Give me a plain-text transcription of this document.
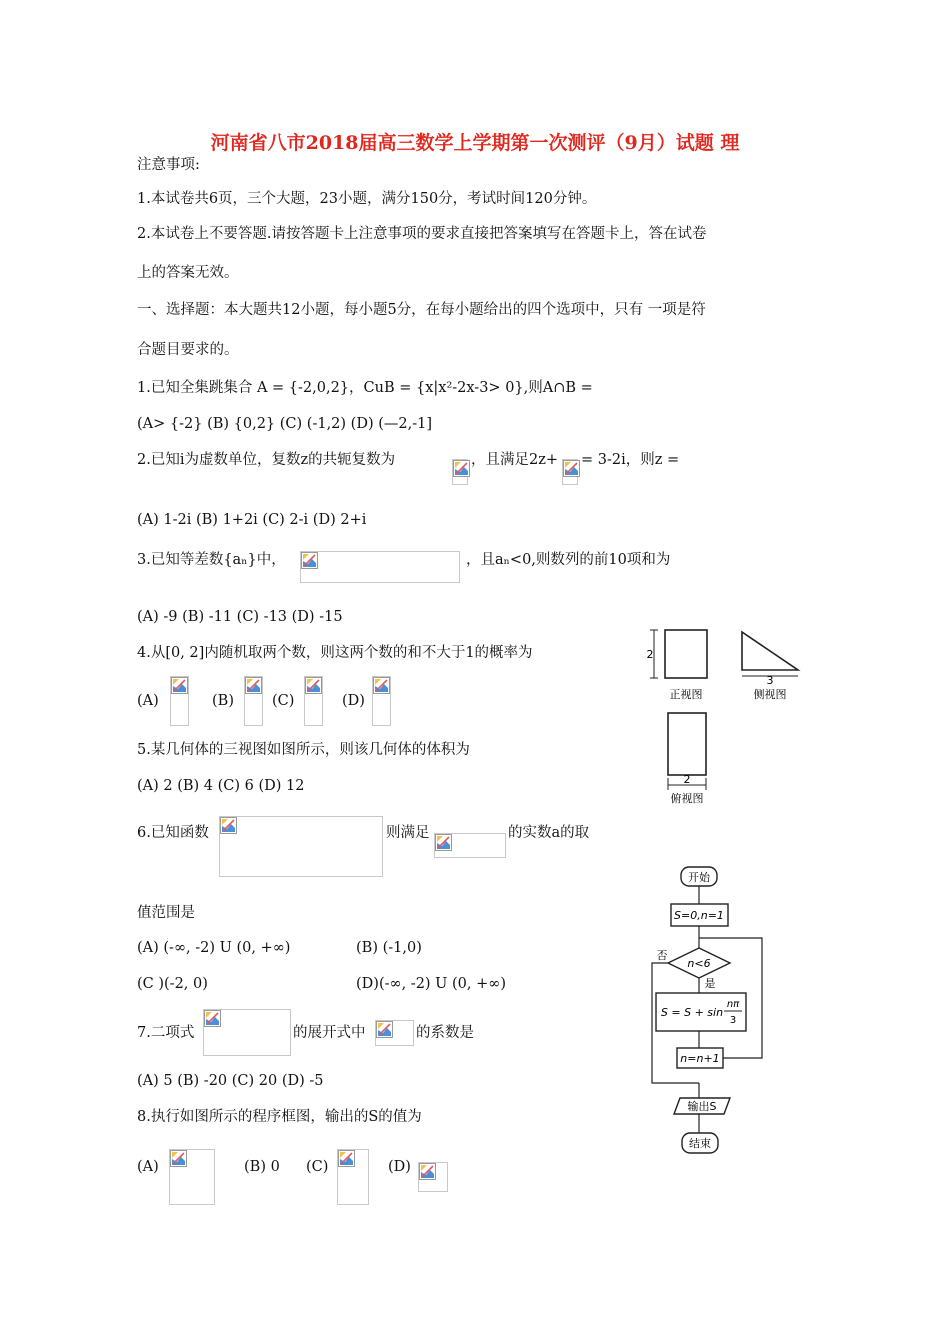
河南省八市2018届高三数学上学期第一次测评（9月）试题 理
注意事项:
1.本试卷共6页，三个大题，23小题，满分150分，考试时间120分钟。
2.本试卷上不要答题.请按答题卡上注意事项的要求直接把答案填写在答题卡上，答在试卷
上的答案无效。
一、选择题：本大题共12小题，每小题5分，在每小题给出的四个选项中，只有 一项是符
合题目要求的。
1.已知全集跳集合 A = {-2,0,2}，CuB = {x|x²-2x-3> 0},则A∩B =
(A> {-2} (B) {0,2} (C) (-1,2) (D) (—2,-1]
2.已知i为虚数单位，复数z的共轭复数为	，且满足2z+ = 3-2i，则z =
(A) 1-2i (B) 1+2i (C) 2-i (D) 2+i
3.已知等差数{aₙ}中，	，且aₙ<0,则数列的前10项和为
(A) -9 (B) -11 (C) -13 (D) -15
4.从[0, 2]内随机取两个数，则这两个数的和不大于1的概率为
(A)	(B)	(C)	(D)
5.某几何体的三视图如图所示，则该几何体的体积为
(A) 2 (B) 4 (C) 6 (D) 12
6.已知函数	则满足	的实数a的取
值范围是
(A) (-∞, -2) U (0, +∞)	(B) (-1,0)
(C )(-2, 0)	(D)(-∞, -2) U (0, +∞)
7.二项式	的展开式中	的系数是
(A) 5 (B) -20 (C) 20 (D) -5
8.执行如图所示的程序框图，输出的S的值为
(A)	(B) 0 (C)	(D)
2
正视图
3
侧视图
2
俯视图
开始
S=0,n=1
n<6
否
是
S = S + sin
nπ
3
n=n+1
输出S
结束
